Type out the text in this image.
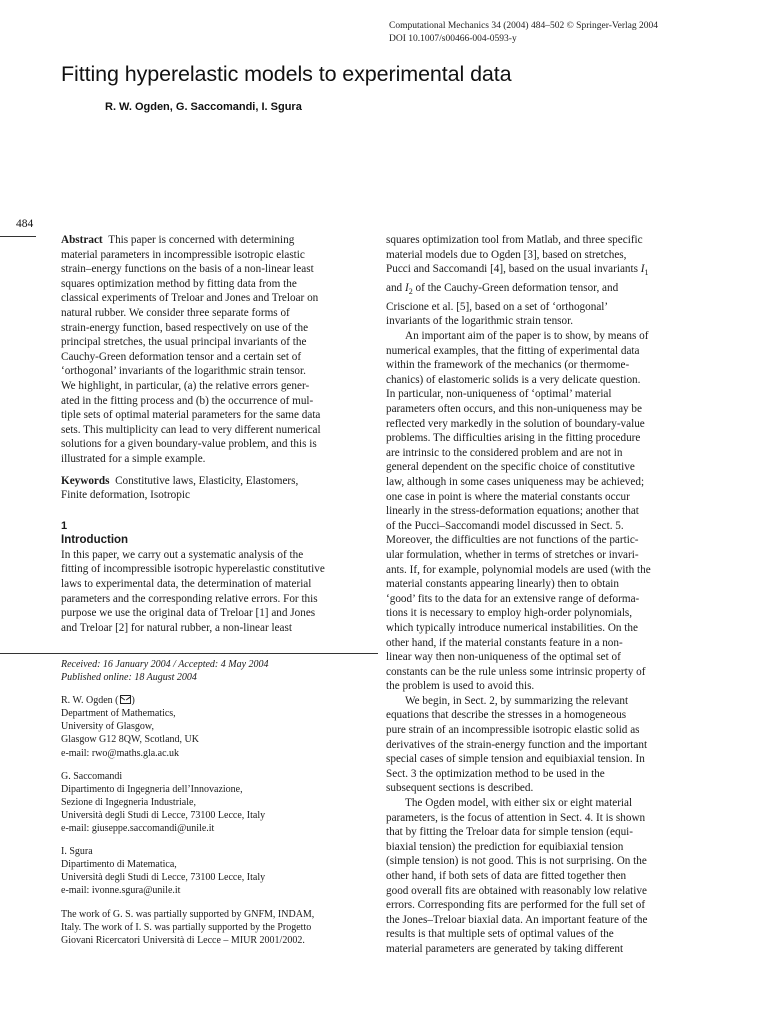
Computational Mechanics 34 (2004) 484–502 © Springer-Verlag 2004
DOI 10.1007/s00466-004-0593-y
Fitting hyperelastic models to experimental data
R. W. Ogden, G. Saccomandi, I. Sgura
484
Abstract This paper is concerned with determining
material parameters in incompressible isotropic elastic
strain–energy functions on the basis of a non-linear least
squares optimization method by fitting data from the
classical experiments of Treloar and Jones and Treloar on
natural rubber. We consider three separate forms of
strain-energy function, based respectively on use of the
principal stretches, the usual principal invariants of the
Cauchy-Green deformation tensor and a certain set of
‘orthogonal’ invariants of the logarithmic strain tensor.
We highlight, in particular, (a) the relative errors gener-
ated in the fitting process and (b) the occurrence of mul-
tiple sets of optimal material parameters for the same data
sets. This multiplicity can lead to very different numerical
solutions for a given boundary-value problem, and this is
illustrated for a simple example.
Keywords Constitutive laws, Elasticity, Elastomers,
Finite deformation, Isotropic
1
Introduction
In this paper, we carry out a systematic analysis of the
fitting of incompressible isotropic hyperelastic constitutive
laws to experimental data, the determination of material
parameters and the corresponding relative errors. For this
purpose we use the original data of Treloar [1] and Jones
and Treloar [2] for natural rubber, a non-linear least
Received: 16 January 2004 / Accepted: 4 May 2004
Published online: 18 August 2004
R. W. Ogden ( )
Department of Mathematics,
University of Glasgow,
Glasgow G12 8QW, Scotland, UK
e-mail: rwo@maths.gla.ac.uk
G. Saccomandi
Dipartimento di Ingegneria dell’Innovazione,
Sezione di Ingegneria Industriale,
Università degli Studi di Lecce, 73100 Lecce, Italy
e-mail: giuseppe.saccomandi@unile.it
I. Sgura
Dipartimento di Matematica,
Università degli Studi di Lecce, 73100 Lecce, Italy
e-mail: ivonne.sgura@unile.it
The work of G. S. was partially supported by GNFM, INDAM,
Italy. The work of I. S. was partially supported by the Progetto
Giovani Ricercatori Università di Lecce – MIUR 2001/2002.
squares optimization tool from Matlab, and three specific
material models due to Ogden [3], based on stretches,
Pucci and Saccomandi [4], based on the usual invariants $I_1$
and $I_2$ of the Cauchy-Green deformation tensor, and
Criscione et al. [5], based on a set of ‘orthogonal’
invariants of the logarithmic strain tensor.
An important aim of the paper is to show, by means of
numerical examples, that the fitting of experimental data
within the framework of the mechanics (or thermome-
chanics) of elastomeric solids is a very delicate question.
In particular, non-uniqueness of ‘optimal’ material
parameters often occurs, and this non-uniqueness may be
reflected very markedly in the solution of boundary-value
problems. The difficulties arising in the fitting procedure
are intrinsic to the considered problem and are not in
general dependent on the specific choice of constitutive
law, although in some cases uniqueness may be achieved;
one case in point is where the material constants occur
linearly in the stress-deformation equations; another that
of the Pucci–Saccomandi model discussed in Sect. 5.
Moreover, the difficulties are not functions of the partic-
ular formulation, whether in terms of stretches or invari-
ants. If, for example, polynomial models are used (with the
material constants appearing linearly) then to obtain
‘good’ fits to the data for an extensive range of deforma-
tions it is necessary to employ high-order polynomials,
which typically introduce numerical instabilities. On the
other hand, if the material constants feature in a non-
linear way then non-uniqueness of the optimal set of
constants can be the rule unless some intrinsic property of
the problem is used to avoid this.
We begin, in Sect. 2, by summarizing the relevant
equations that describe the stresses in a homogeneous
pure strain of an incompressible isotropic elastic solid as
derivatives of the strain-energy function and the important
special cases of simple tension and equibiaxial tension. In
Sect. 3 the optimization method to be used in the
subsequent sections is described.
The Ogden model, with either six or eight material
parameters, is the focus of attention in Sect. 4. It is shown
that by fitting the Treloar data for simple tension (equi-
biaxial tension) the prediction for equibiaxial tension
(simple tension) is not good. This is not surprising. On the
other hand, if both sets of data are fitted together then
good overall fits are obtained with reasonably low relative
errors. Corresponding fits are performed for the full set of
the Jones–Treloar biaxial data. An important feature of the
results is that multiple sets of optimal values of the
material parameters are generated by taking different
